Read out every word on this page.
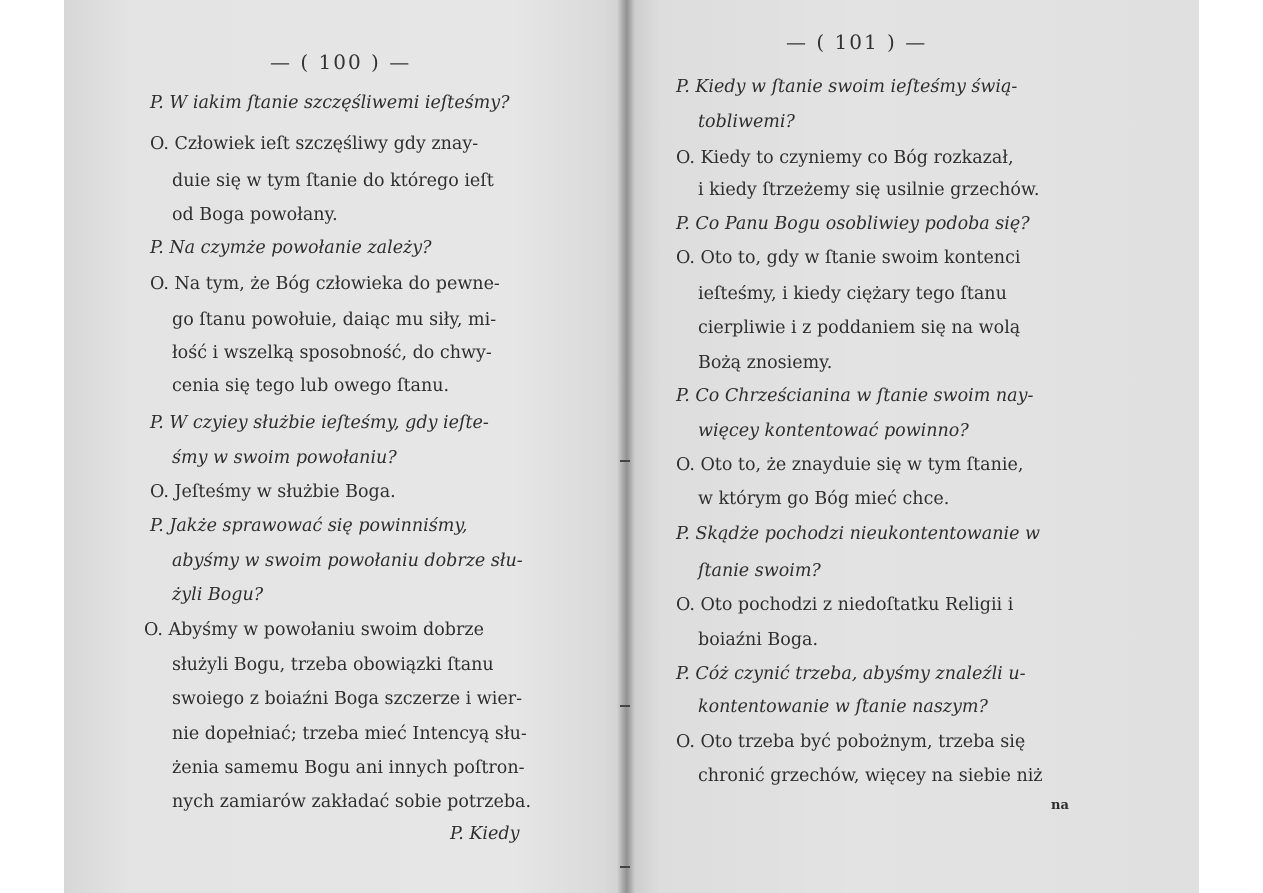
— ( 100 ) —
P. W iakim ſtanie szczęśliwemi ieſteśmy?
O. Człowiek ieſt szczęśliwy gdy znay-
duie się w tym ſtanie do którego ieſt
od Boga powołany.
P. Na czymże powołanie zależy?
O. Na tym, że Bóg człowieka do pewne-
go ſtanu powołuie, daiąc mu siły, mi-
łość i wszelką sposobność, do chwy-
cenia się tego lub owego ſtanu.
P. W czyiey służbie ieſteśmy, gdy ieſte-
śmy w swoim powołaniu?
O. Jeſteśmy w służbie Boga.
P. Jakże sprawować się powinniśmy,
abyśmy w swoim powołaniu dobrze słu-
żyli Bogu?
O. Abyśmy w powołaniu swoim dobrze
służyli Bogu, trzeba obowiązki ſtanu
swoiego z boiaźni Boga szczerze i wier-
nie dopełniać; trzeba mieć Intencyą słu-
żenia samemu Bogu ani innych poſtron-
nych zamiarów zakładać sobie potrzeba.
P. Kiedy
— ( 101 ) —
P. Kiedy w ſtanie swoim ieſteśmy świą-
tobliwemi?
O. Kiedy to czyniemy co Bóg rozkazał,
i kiedy ſtrzeżemy się usilnie grzechów.
P. Co Panu Bogu osobliwiey podoba się?
O. Oto to, gdy w ſtanie swoim kontenci
ieſteśmy, i kiedy ciężary tego ſtanu
cierpliwie i z poddaniem się na wolą
Bożą znosiemy.
P. Co Chrześcianina w ſtanie swoim nay-
więcey kontentować powinno?
O. Oto to, że znayduie się w tym ſtanie,
w którym go Bóg mieć chce.
P. Skądże pochodzi nieukontentowanie w
ſtanie swoim?
O. Oto pochodzi z niedoſtatku Religii i
boiaźni Boga.
P. Cóż czynić trzeba, abyśmy znaleźli u-
kontentowanie w ſtanie naszym?
O. Oto trzeba być pobożnym, trzeba się
chronić grzechów, więcey na siebie niż
na
